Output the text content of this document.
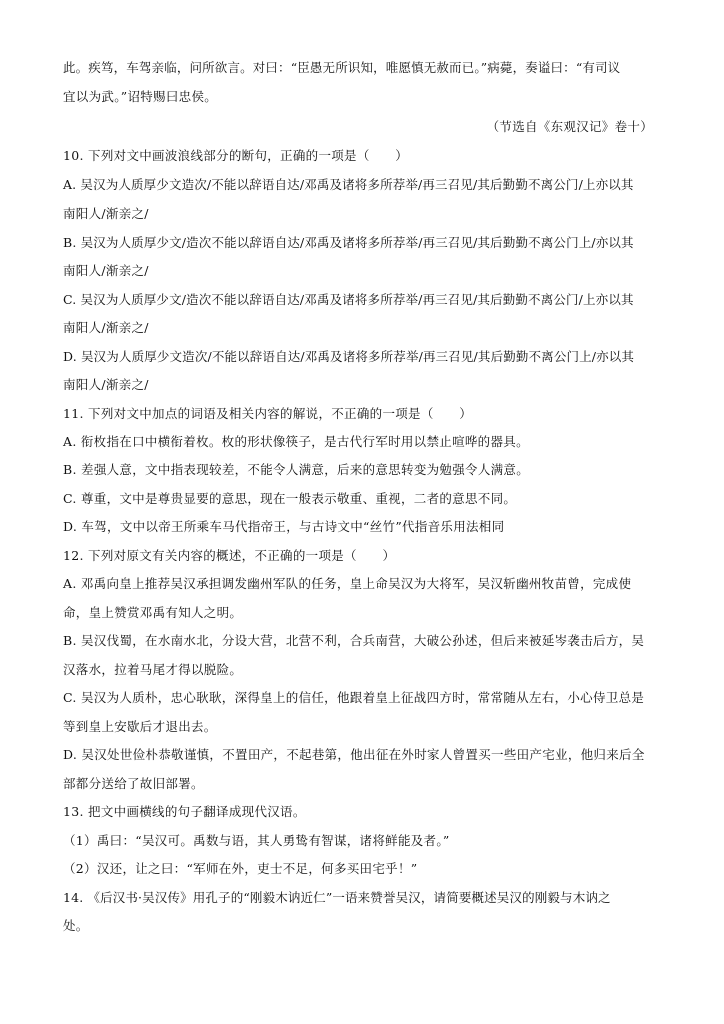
此。疾笃，车驾亲临，问所欲言。对曰：“臣愚无所识知，唯愿慎无赦而已。”病薨，奏谥曰：“有司议
宜以为武。”诏特赐曰忠侯。
（节选自《东观汉记》卷十）
10. 下列对文中画波浪线部分的断句，正确的一项是（　　）
A. 吴汉为人质厚少文造次/不能以辞语自达/邓禹及诸将多所荐举/再三召见/其后勤勤不离公门/上亦以其
南阳人/渐亲之/
B. 吴汉为人质厚少文/造次不能以辞语自达/邓禹及诸将多所荐举/再三召见/其后勤勤不离公门上/亦以其
南阳人/渐亲之/
C. 吴汉为人质厚少文/造次不能以辞语自达/邓禹及诸将多所荐举/再三召见/其后勤勤不离公门/上亦以其
南阳人/渐亲之/
D. 吴汉为人质厚少文造次/不能以辞语自达/邓禹及诸将多所荐举/再三召见/其后勤勤不离公门上/亦以其
南阳人/渐亲之/
11. 下列对文中加点的词语及相关内容的解说，不正确的一项是（　　）
A. 衔枚指在口中横衔着枚。枚的形状像筷子，是古代行军时用以禁止喧哗的器具。
B. 差强人意，文中指表现较差，不能令人满意，后来的意思转变为勉强令人满意。
C. 尊重，文中是尊贵显要的意思，现在一般表示敬重、重视，二者的意思不同。
D. 车驾，文中以帝王所乘车马代指帝王，与古诗文中“丝竹”代指音乐用法相同
12. 下列对原文有关内容的概述，不正确的一项是（　　）
A. 邓禹向皇上推荐吴汉承担调发幽州军队的任务，皇上命吴汉为大将军，吴汉斩幽州牧苗曾，完成使
命，皇上赞赏邓禹有知人之明。
B. 吴汉伐蜀，在水南水北，分设大营，北营不利，合兵南营，大破公孙述，但后来被延岑袭击后方，吴
汉落水，拉着马尾才得以脱险。
C. 吴汉为人质朴，忠心耿耿，深得皇上的信任，他跟着皇上征战四方时，常常随从左右，小心侍卫总是
等到皇上安歇后才退出去。
D. 吴汉处世俭朴恭敬谨慎，不置田产，不起巷第，他出征在外时家人曾置买一些田产宅业，他归来后全
部都分送给了故旧部署。
13. 把文中画横线的句子翻译成现代汉语。
（1）禹曰：“吴汉可。禹数与语，其人勇鸷有智谋，诸将鲜能及者。”
（2）汉还，让之曰：“军师在外，吏士不足，何多买田宅乎！”
14. 《后汉书·吴汉传》用孔子的“刚毅木讷近仁”一语来赞誉吴汉，请简要概述吴汉的刚毅与木讷之
处。
